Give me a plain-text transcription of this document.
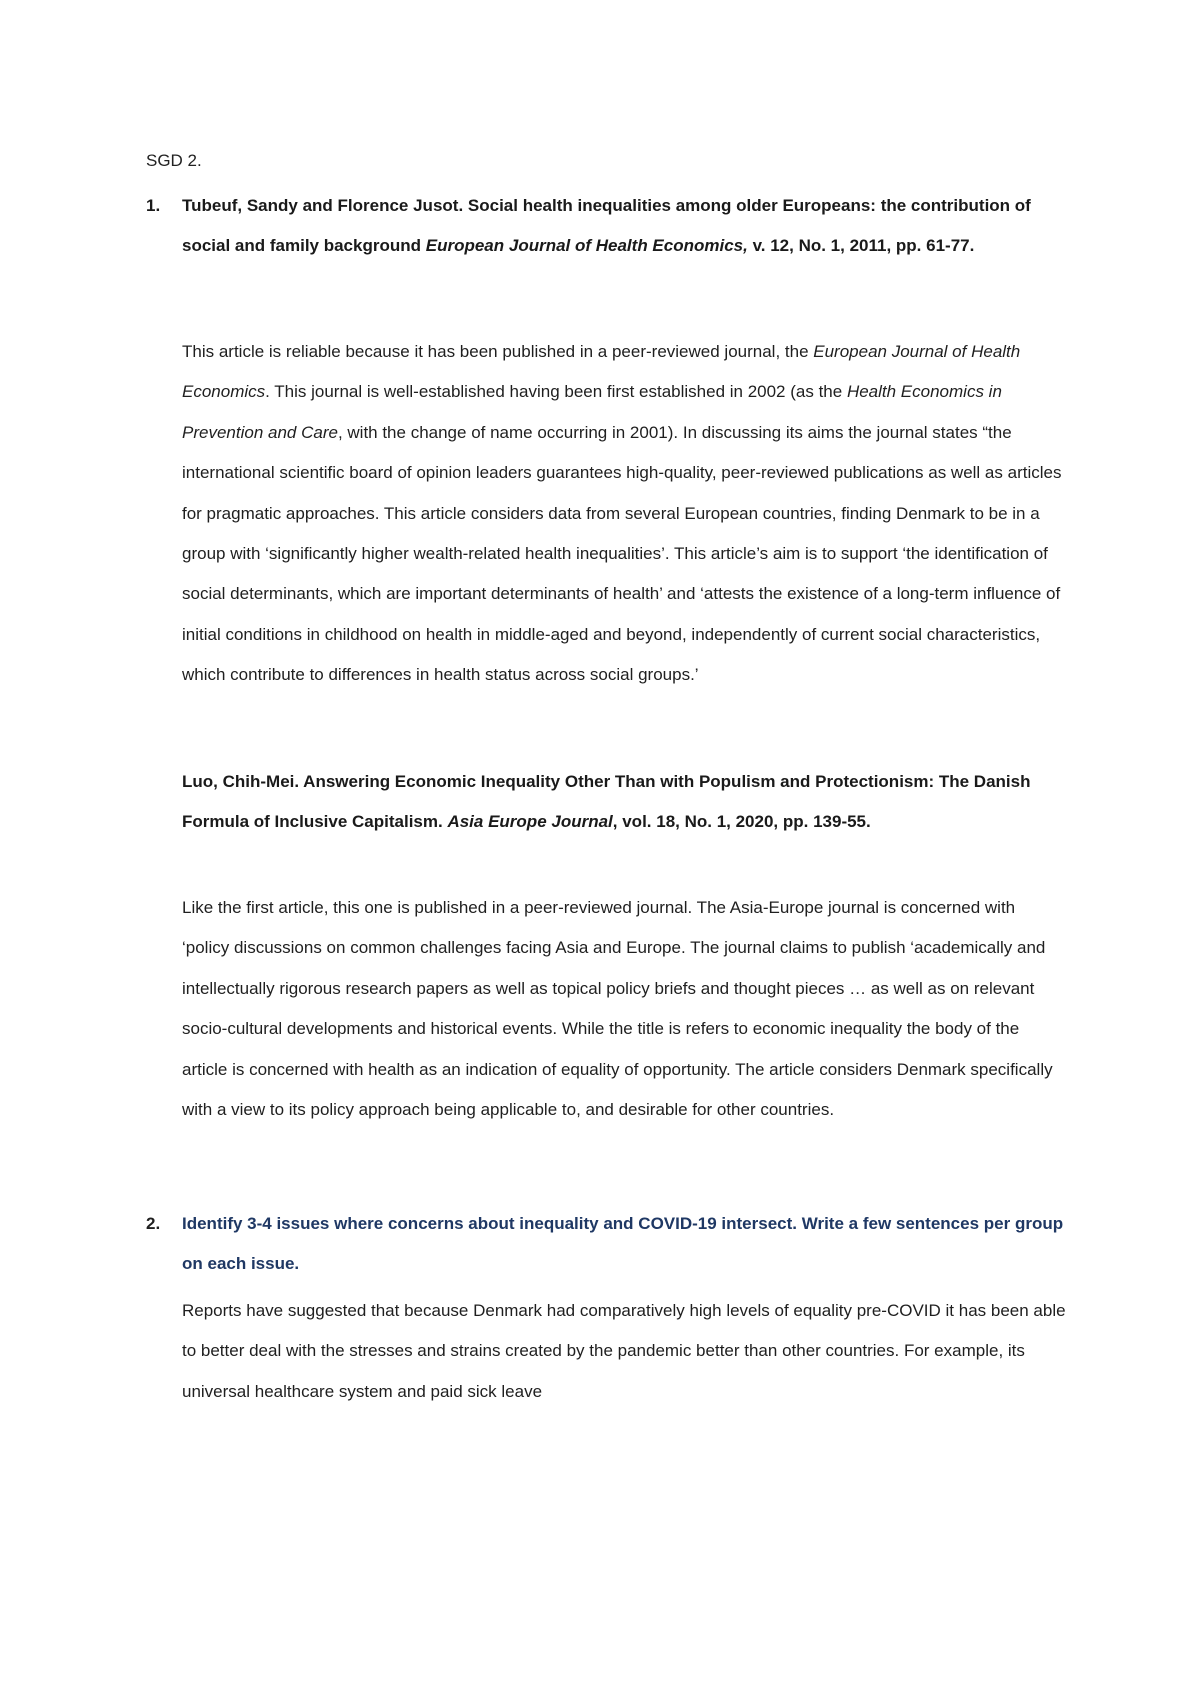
SGD 2.
1. Tubeuf, Sandy and Florence Jusot. Social health inequalities among older Europeans: the contribution of social and family background European Journal of Health Economics, v. 12, No. 1, 2011, pp. 61-77.
This article is reliable because it has been published in a peer-reviewed journal, the European Journal of Health Economics. This journal is well-established having been first established in 2002 (as the Health Economics in Prevention and Care, with the change of name occurring in 2001). In discussing its aims the journal states “the international scientific board of opinion leaders guarantees high-quality, peer-reviewed publications as well as articles for pragmatic approaches. This article considers data from several European countries, finding Denmark to be in a group with ‘significantly higher wealth-related health inequalities’. This article’s aim is to support ‘the identification of social determinants, which are important determinants of health’ and ‘attests the existence of a long-term influence of initial conditions in childhood on health in middle-aged and beyond, independently of current social characteristics, which contribute to differences in health status across social groups.’
Luo, Chih-Mei. Answering Economic Inequality Other Than with Populism and Protectionism: The Danish Formula of Inclusive Capitalism. Asia Europe Journal, vol. 18, No. 1, 2020, pp. 139-55.
Like the first article, this one is published in a peer-reviewed journal. The Asia-Europe journal is concerned with ‘policy discussions on common challenges facing Asia and Europe. The journal claims to publish ‘academically and intellectually rigorous research papers as well as topical policy briefs and thought pieces … as well as on relevant socio-cultural developments and historical events. While the title is refers to economic inequality the body of the article is concerned with health as an indication of equality of opportunity. The article considers Denmark specifically with a view to its policy approach being applicable to, and desirable for other countries.
2. Identify 3-4 issues where concerns about inequality and COVID-19 intersect. Write a few sentences per group on each issue.
Reports have suggested that because Denmark had comparatively high levels of equality pre-COVID it has been able to better deal with the stresses and strains created by the pandemic better than other countries. For example, its universal healthcare system and paid sick leave
